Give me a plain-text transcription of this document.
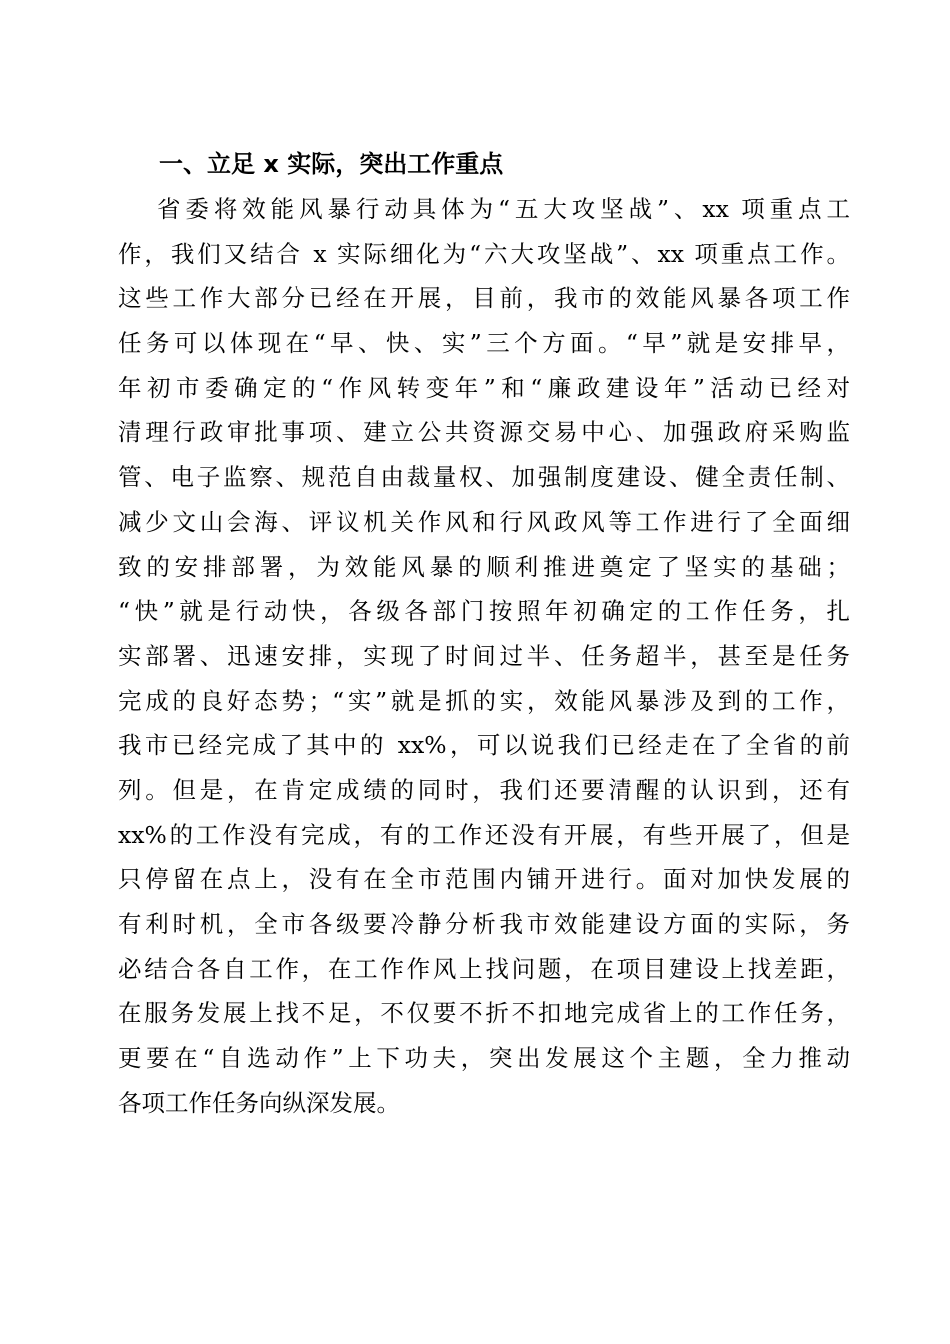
一、立足 x 实际，突出工作重点
省委将效能风暴行动具体为“五大攻坚战”、xx 项重点工
作，我们又结合 x 实际细化为“六大攻坚战”、xx 项重点工作。
这些工作大部分已经在开展，目前，我市的效能风暴各项工作
任务可以体现在“早、快、实”三个方面。“早”就是安排早，
年初市委确定的“作风转变年”和“廉政建设年”活动已经对
清理行政审批事项、建立公共资源交易中心、加强政府采购监
管、电子监察、规范自由裁量权、加强制度建设、健全责任制、
减少文山会海、评议机关作风和行风政风等工作进行了全面细
致的安排部署，为效能风暴的顺利推进奠定了坚实的基础；
“快”就是行动快，各级各部门按照年初确定的工作任务，扎
实部署、迅速安排，实现了时间过半、任务超半，甚至是任务
完成的良好态势；“实”就是抓的实，效能风暴涉及到的工作，
我市已经完成了其中的 xx%，可以说我们已经走在了全省的前
列。但是，在肯定成绩的同时，我们还要清醒的认识到，还有
xx%的工作没有完成，有的工作还没有开展，有些开展了，但是
只停留在点上，没有在全市范围内铺开进行。面对加快发展的
有利时机，全市各级要冷静分析我市效能建设方面的实际，务
必结合各自工作，在工作作风上找问题，在项目建设上找差距，
在服务发展上找不足，不仅要不折不扣地完成省上的工作任务，
更要在“自选动作”上下功夫，突出发展这个主题，全力推动
各项工作任务向纵深发展。
